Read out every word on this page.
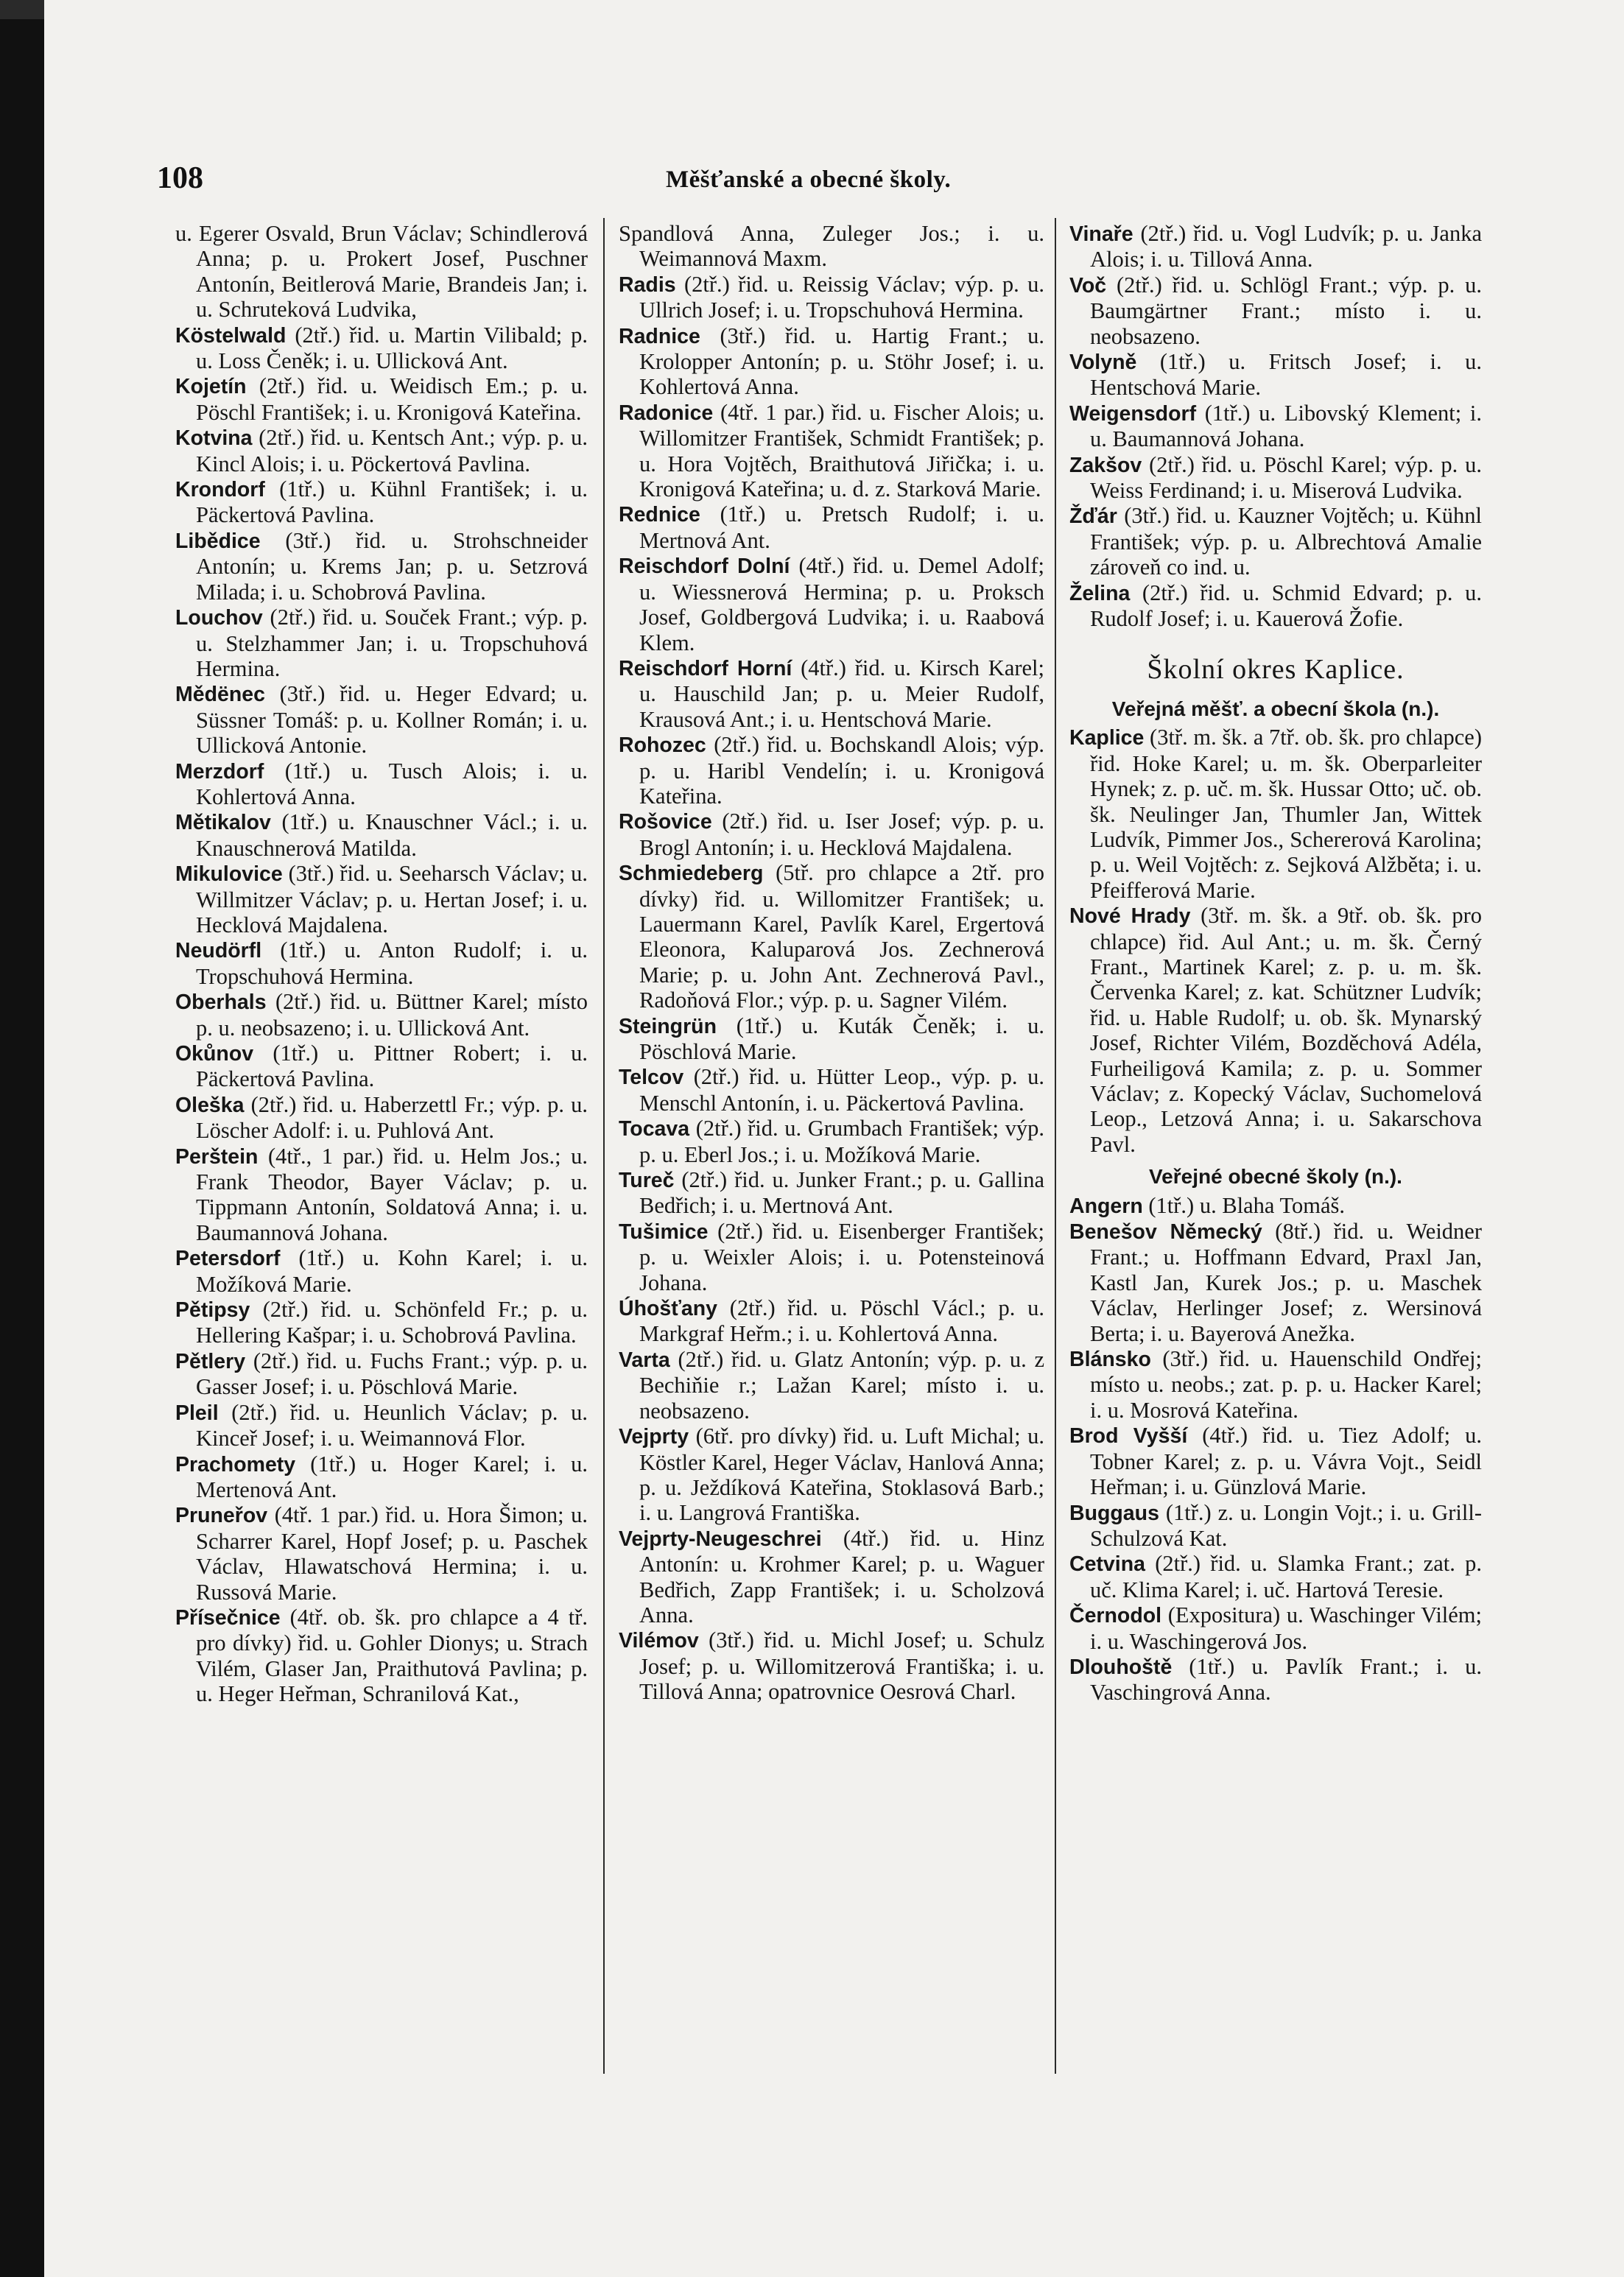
108	Měšťanské a obecné školy.

u. Egerer Osvald, Brun Václav; Schindlerová Anna; p. u. Prokert Josef, Puschner Antonín, Beitlerová Marie, Brandeis Jan; i. u. Schruteková Ludvika,

Köstelwald (2tř.) řid. u. Martin Vilibald; p. u. Loss Čeněk; i. u. Ullicková Ant.

Kojetín (2tř.) řid. u. Weidisch Em.; p. u. Pöschl František; i. u. Kronigová Kateřina.

Kotvina (2tř.) řid. u. Kentsch Ant.; výp. p. u. Kincl Alois; i. u. Pöckertová Pavlina.

Krondorf (1tř.) u. Kühnl František; i. u. Päckertová Pavlina.

Libědice (3tř.) řid. u. Strohschneider Antonín; u. Krems Jan; p. u. Setzrová Milada; i. u. Schobrová Pavlina.

Louchov (2tř.) řid. u. Souček Frant.; výp. p. u. Stelzhammer Jan; i. u. Tropschuhová Hermina.

Mědënec (3tř.) řid. u. Heger Edvard; u. Süssner Tomáš: p. u. Kollner Román; i. u. Ullicková Antonie.

Merzdorf (1tř.) u. Tusch Alois; i. u. Kohlertová Anna.

Mětikalov (1tř.) u. Knauschner Václ.; i. u. Knauschnerová Matilda.

Mikulovice (3tř.) řid. u. Seeharsch Václav; u. Willmitzer Václav; p. u. Hertan Josef; i. u. Hecklová Majdalena.

Neudörfl (1tř.) u. Anton Rudolf; i. u. Tropschuhová Hermina.

Oberhals (2tř.) řid. u. Büttner Karel; místo p. u. neobsazeno; i. u. Ullicková Ant.

Okůnov (1tř.) u. Pittner Robert; i. u. Päckertová Pavlina.

Oleška (2tř.) řid. u. Haberzettl Fr.; výp. p. u. Löscher Adolf: i. u. Puhlová Ant.

Perštein (4tř., 1 par.) řid. u. Helm Jos.; u. Frank Theodor, Bayer Václav; p. u. Tippmann Antonín, Soldatová Anna; i. u. Baumannová Johana.

Petersdorf (1tř.) u. Kohn Karel; i. u. Možíková Marie.

Pětipsy (2tř.) řid. u. Schönfeld Fr.; p. u. Hellering Kašpar; i. u. Schobrová Pavlina.

Pětlery (2tř.) řid. u. Fuchs Frant.; výp. p. u. Gasser Josef; i. u. Pöschlová Marie.

Pleil (2tř.) řid. u. Heunlich Václav; p. u. Kinceř Josef; i. u. Weimannová Flor.

Prachomety (1tř.) u. Hoger Karel; i. u. Mertenová Ant.

Pruneřov (4tř. 1 par.) řid. u. Hora Šimon; u. Scharrer Karel, Hopf Josef; p. u. Paschek Václav, Hlawatschová Hermina; i. u. Russová Marie.

Přísečnice (4tř. ob. šk. pro chlapce a 4 tř. pro dívky) řid. u. Gohler Dionys; u. Strach Vilém, Glaser Jan, Praithutová Pavlina; p. u. Heger Heřman, Schranilová Kat.,

Spandlová Anna, Zuleger Jos.; i. u. Weimannová Maxm.

Radis (2tř.) řid. u. Reissig Václav; výp. p. u. Ullrich Josef; i. u. Tropschuhová Hermina.

Radnice (3tř.) řid. u. Hartig Frant.; u. Krolopper Antonín; p. u. Stöhr Josef; i. u. Kohlertová Anna.

Radonice (4tř. 1 par.) řid. u. Fischer Alois; u. Willomitzer František, Schmidt František; p. u. Hora Vojtěch, Braithutová Jiřička; i. u. Kronigová Kateřina; u. d. z. Starková Marie.

Rednice (1tř.) u. Pretsch Rudolf; i. u. Mertnová Ant.

Reischdorf Dolní (4tř.) řid. u. Demel Adolf; u. Wiessnerová Hermina; p. u. Proksch Josef, Goldbergová Ludvika; i. u. Raabová Klem.

Reischdorf Horní (4tř.) řid. u. Kirsch Karel; u. Hauschild Jan; p. u. Meier Rudolf, Krausová Ant.; i. u. Hentschová Marie.

Rohozec (2tř.) řid. u. Bochskandl Alois; výp. p. u. Haribl Vendelín; i. u. Kronigová Kateřina.

Rošovice (2tř.) řid. u. Iser Josef; výp. p. u. Brogl Antonín; i. u. Hecklová Majdalena.

Schmiedeberg (5tř. pro chlapce a 2tř. pro dívky) řid. u. Willomitzer František; u. Lauermann Karel, Pavlík Karel, Ergertová Eleonora, Kaluparová Jos. Zechnerová Marie; p. u. John Ant. Zechnerová Pavl., Radoňová Flor.; výp. p. u. Sagner Vilém.

Steingrün (1tř.) u. Kuták Čeněk; i. u. Pöschlová Marie.

Telcov (2tř.) řid. u. Hütter Leop., výp. p. u. Menschl Antonín, i. u. Päckertová Pavlina.

Tocava (2tř.) řid. u. Grumbach František; výp. p. u. Eberl Jos.; i. u. Možíková Marie.

Tureč (2tř.) řid. u. Junker Frant.; p. u. Gallina Bedřich; i. u. Mertnová Ant.

Tušimice (2tř.) řid. u. Eisenberger František; p. u. Weixler Alois; i. u. Potensteinová Johana.

Úhošťany (2tř.) řid. u. Pöschl Václ.; p. u. Markgraf Heřm.; i. u. Kohlertová Anna.

Varta (2tř.) řid. u. Glatz Antonín; výp. p. u. z Bechiňie r.; Lažan Karel; místo i. u. neobsazeno.

Vejprty (6tř. pro dívky) řid. u. Luft Michal; u. Köstler Karel, Heger Václav, Hanlová Anna; p. u. Ježdíková Kateřina, Stoklasová Barb.; i. u. Langrová Františka.

Vejprty-Neugeschrei (4tř.) řid. u. Hinz Antonín: u. Krohmer Karel; p. u. Waguer Bedřich, Zapp František; i. u. Scholzová Anna.

Vilémov (3tř.) řid. u. Michl Josef; u. Schulz Josef; p. u. Willomitzerová Františka; i. u. Tillová Anna; opatrovnice Oesrová Charl.

Vinaře (2tř.) řid. u. Vogl Ludvík; p. u. Janka Alois; i. u. Tillová Anna.

Voč (2tř.) řid. u. Schlögl Frant.; výp. p. u. Baumgärtner Frant.; místo i. u. neobsazeno.

Volyně (1tř.) u. Fritsch Josef; i. u. Hentschová Marie.

Weigensdorf (1tř.) u. Libovský Klement; i. u. Baumannová Johana.

Zakšov (2tř.) řid. u. Pöschl Karel; výp. p. u. Weiss Ferdinand; i. u. Miserová Ludvika.

Žďár (3tř.) řid. u. Kauzner Vojtěch; u. Kühnl František; výp. p. u. Albrechtová Amalie zároveň co ind. u.

Želina (2tř.) řid. u. Schmid Edvard; p. u. Rudolf Josef; i. u. Kauerová Žofie.

Školní okres Kaplice.
Veřejná měšť. a obecní škola (n.).

Kaplice (3tř. m. šk. a 7tř. ob. šk. pro chlapce) řid. Hoke Karel; u. m. šk. Oberparleiter Hynek; z. p. uč. m. šk. Hussar Otto; uč. ob. šk. Neulinger Jan, Thumler Jan, Wittek Ludvík, Pimmer Jos., Schererová Karolina; p. u. Weil Vojtěch: z. Sejková Alžběta; i. u. Pfeifferová Marie.

Nové Hrady (3tř. m. šk. a 9tř. ob. šk. pro chlapce) řid. Aul Ant.; u. m. šk. Černý Frant., Martinek Karel; z. p. u. m. šk. Červenka Karel; z. kat. Schützner Ludvík; řid. u. Hable Rudolf; u. ob. šk. Mynarský Josef, Richter Vilém, Bozděchová Adéla, Furheiligová Kamila; z. p. u. Sommer Václav; z. Kopecký Václav, Suchomelová Leop., Letzová Anna; i. u. Sakarschova Pavl.

Veřejné obecné školy (n.).

Angern (1tř.) u. Blaha Tomáš.

Benešov Německý (8tř.) řid. u. Weidner Frant.; u. Hoffmann Edvard, Praxl Jan, Kastl Jan, Kurek Jos.; p. u. Maschek Václav, Herlinger Josef; z. Wersinová Berta; i. u. Bayerová Anežka.

Blánsko (3tř.) řid. u. Hauenschild Ondřej; místo u. neobs.; zat. p. p. u. Hacker Karel; i. u. Mosrová Kateřina.

Brod Vyšší (4tř.) řid. u. Tiez Adolf; u. Tobner Karel; z. p. u. Vávra Vojt., Seidl Heřman; i. u. Günzlová Marie.

Buggaus (1tř.) z. u. Longin Vojt.; i. u. Grill-Schulzová Kat.

Cetvina (2tř.) řid. u. Slamka Frant.; zat. p. uč. Klima Karel; i. uč. Hartová Teresie.

Černodol (Expositura) u. Waschinger Vilém; i. u. Waschingerová Jos.

Dlouhoště (1tř.) u. Pavlík Frant.; i. u. Vaschingrová Anna.
